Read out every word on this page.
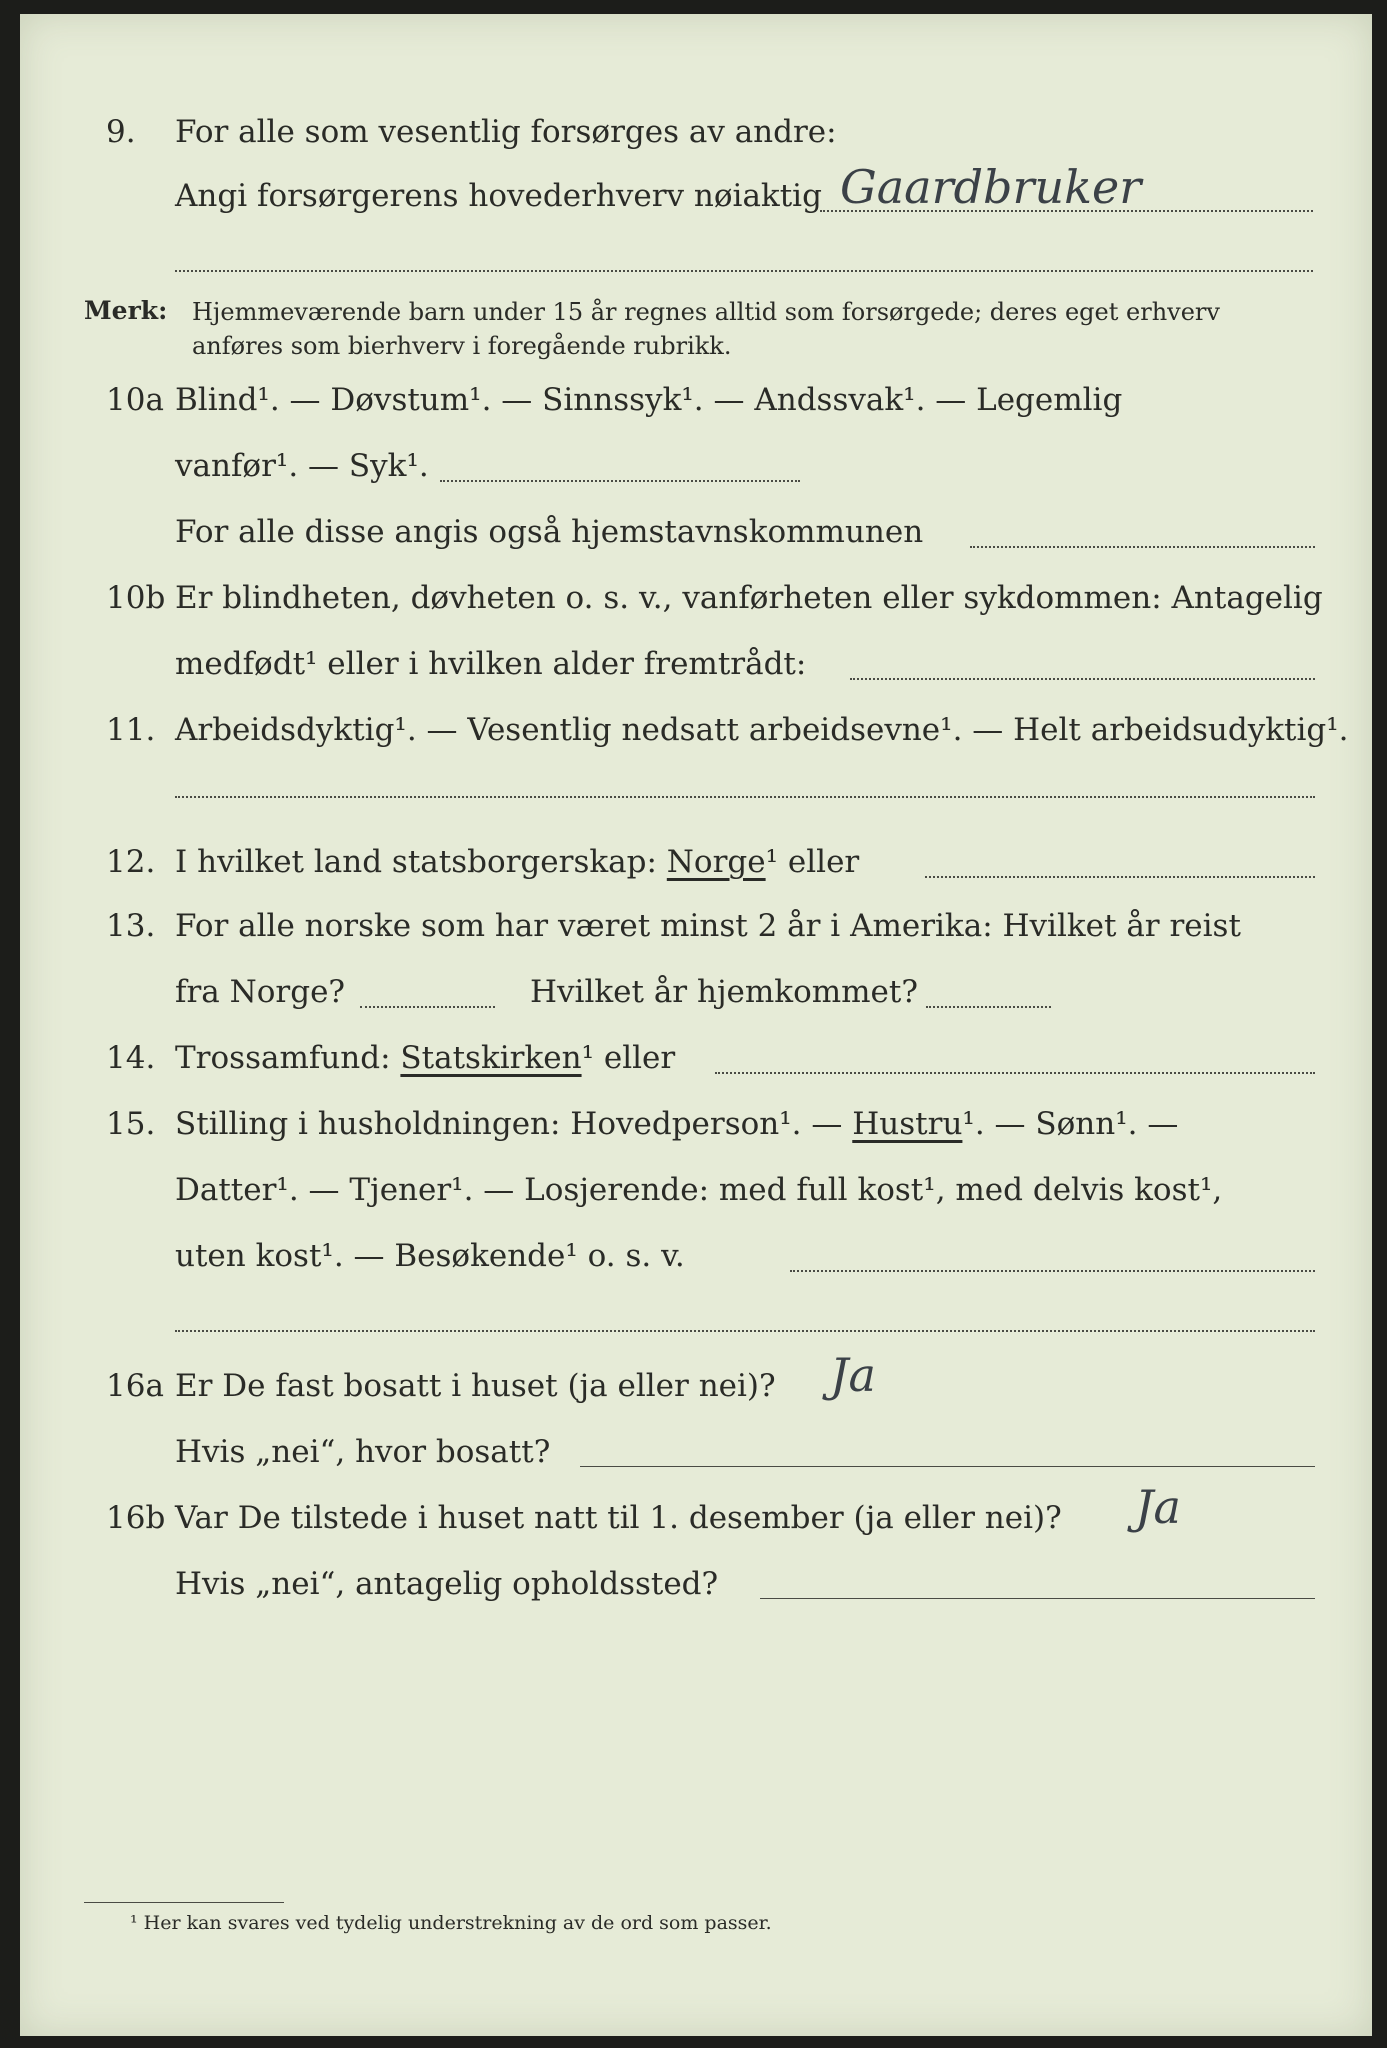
9. For alle som vesentlig forsørges av andre:
Angi forsørgerens hovederhverv nøiaktig Gaardbruker
Merk: Hjemmeværende barn under 15 år regnes alltid som forsørgede; deres eget erhverv
anføres som bierhverv i foregående rubrikk.
10a Blind¹. — Døvstum¹. — Sinnssyk¹. — Andssvak¹. — Legemlig
vanfør¹. — Syk¹.
For alle disse angis også hjemstavnskommunen
10b Er blindheten, døvheten o. s. v., vanførheten eller sykdommen: Antagelig
medfødt¹ eller i hvilken alder fremtrådt:
11. Arbeidsdyktig¹. — Vesentlig nedsatt arbeidsevne¹. — Helt arbeidsudyktig¹.
12. I hvilket land statsborgerskap: Norge¹ eller
13. For alle norske som har været minst 2 år i Amerika: Hvilket år reist
fra Norge?	Hvilket år hjemkommet?
14. Trossamfund: Statskirken¹ eller
15. Stilling i husholdningen: Hovedperson¹. — Hustru¹. — Sønn¹. —
Datter¹. — Tjener¹. — Losjerende: med full kost¹, med delvis kost¹,
uten kost¹. — Besøkende¹ o. s. v.
16a Er De fast bosatt i huset (ja eller nei)? Ja
Hvis „nei“, hvor bosatt?
16b Var De tilstede i huset natt til 1. desember (ja eller nei)? Ja
Hvis „nei“, antagelig opholdssted?
¹ Her kan svares ved tydelig understrekning av de ord som passer.
